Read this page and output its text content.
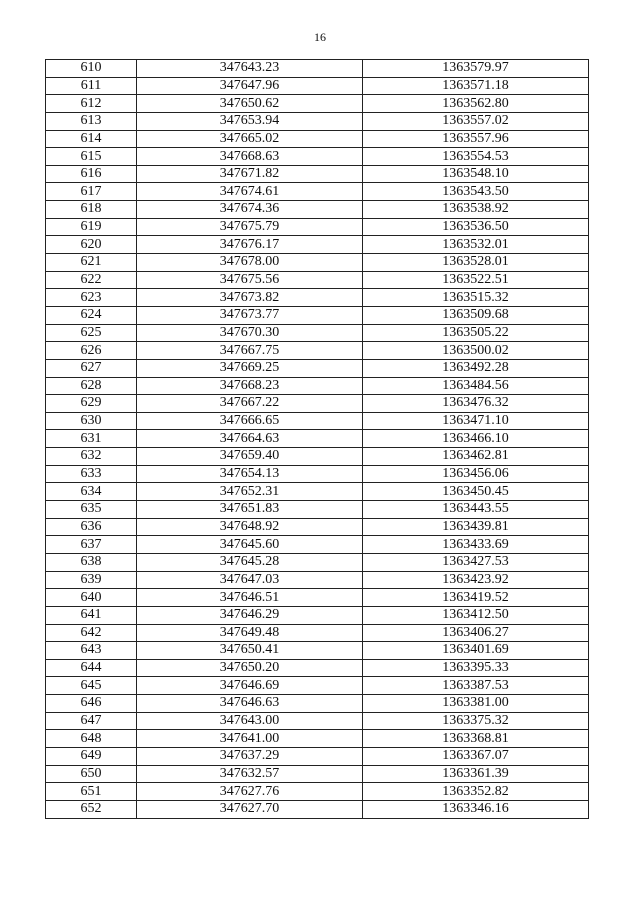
16
610	347643.23	1363579.97
611	347647.96	1363571.18
612	347650.62	1363562.80
613	347653.94	1363557.02
614	347665.02	1363557.96
615	347668.63	1363554.53
616	347671.82	1363548.10
617	347674.61	1363543.50
618	347674.36	1363538.92
619	347675.79	1363536.50
620	347676.17	1363532.01
621	347678.00	1363528.01
622	347675.56	1363522.51
623	347673.82	1363515.32
624	347673.77	1363509.68
625	347670.30	1363505.22
626	347667.75	1363500.02
627	347669.25	1363492.28
628	347668.23	1363484.56
629	347667.22	1363476.32
630	347666.65	1363471.10
631	347664.63	1363466.10
632	347659.40	1363462.81
633	347654.13	1363456.06
634	347652.31	1363450.45
635	347651.83	1363443.55
636	347648.92	1363439.81
637	347645.60	1363433.69
638	347645.28	1363427.53
639	347647.03	1363423.92
640	347646.51	1363419.52
641	347646.29	1363412.50
642	347649.48	1363406.27
643	347650.41	1363401.69
644	347650.20	1363395.33
645	347646.69	1363387.53
646	347646.63	1363381.00
647	347643.00	1363375.32
648	347641.00	1363368.81
649	347637.29	1363367.07
650	347632.57	1363361.39
651	347627.76	1363352.82
652	347627.70	1363346.16
